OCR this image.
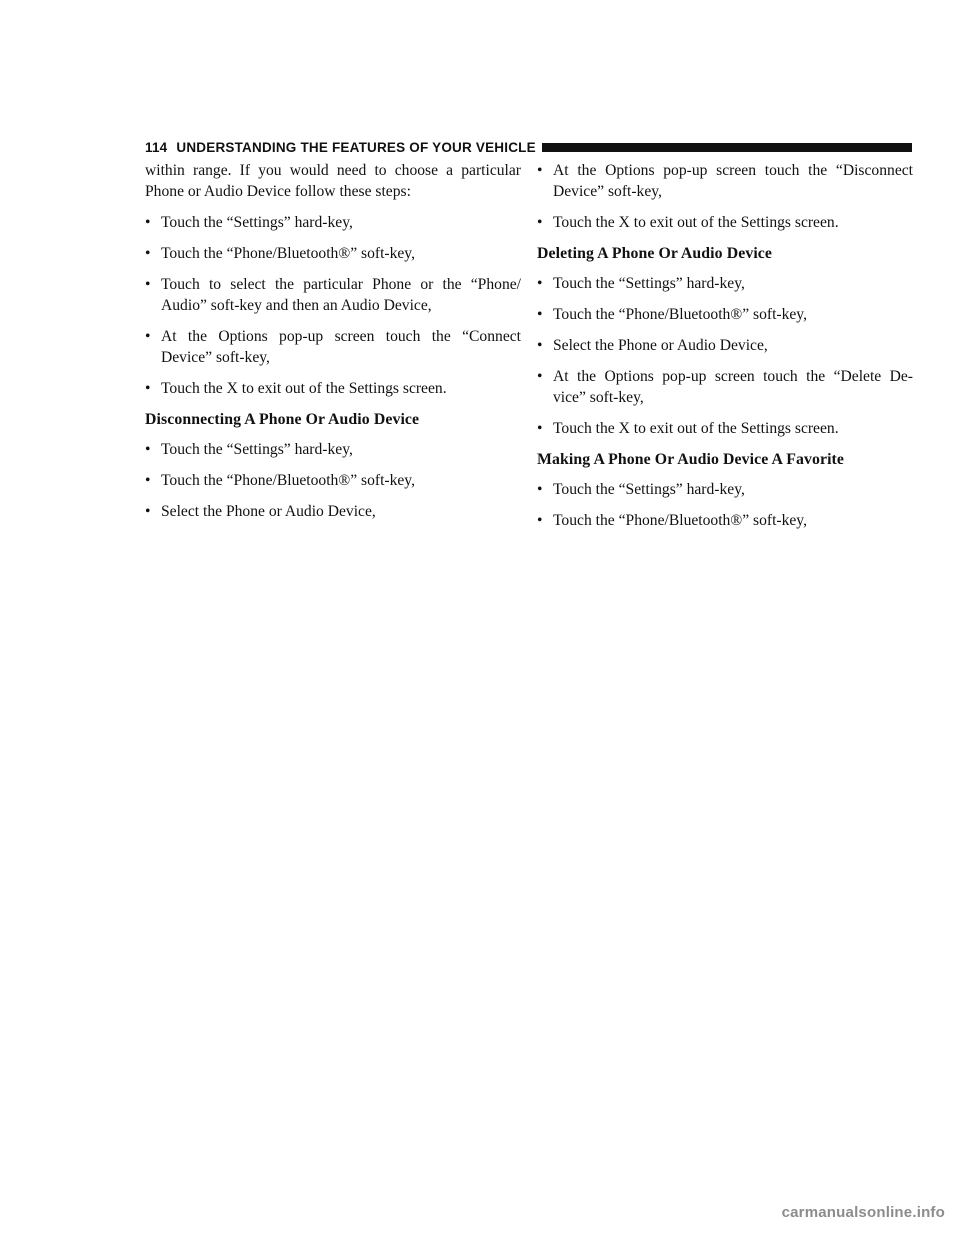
114 UNDERSTANDING THE FEATURES OF YOUR VEHICLE

within range. If you would need to choose a particular Phone or Audio Device follow these steps:

• Touch the “Settings” hard-key,
• Touch the “Phone/Bluetooth®” soft-key,
• Touch to select the particular Phone or the “Phone/ Audio” soft-key and then an Audio Device,
• At the Options pop-up screen touch the “Connect Device” soft-key,
• Touch the X to exit out of the Settings screen.
Disconnecting A Phone Or Audio Device
• Touch the “Settings” hard-key,
• Touch the “Phone/Bluetooth®” soft-key,
• Select the Phone or Audio Device,
• At the Options pop-up screen touch the “Disconnect Device” soft-key,
• Touch the X to exit out of the Settings screen.
Deleting A Phone Or Audio Device
• Touch the “Settings” hard-key,
• Touch the “Phone/Bluetooth®” soft-key,
• Select the Phone or Audio Device,
• At the Options pop-up screen touch the “Delete De- vice” soft-key,
• Touch the X to exit out of the Settings screen.
Making A Phone Or Audio Device A Favorite
• Touch the “Settings” hard-key,
• Touch the “Phone/Bluetooth®” soft-key,
carmanualsonline.info
